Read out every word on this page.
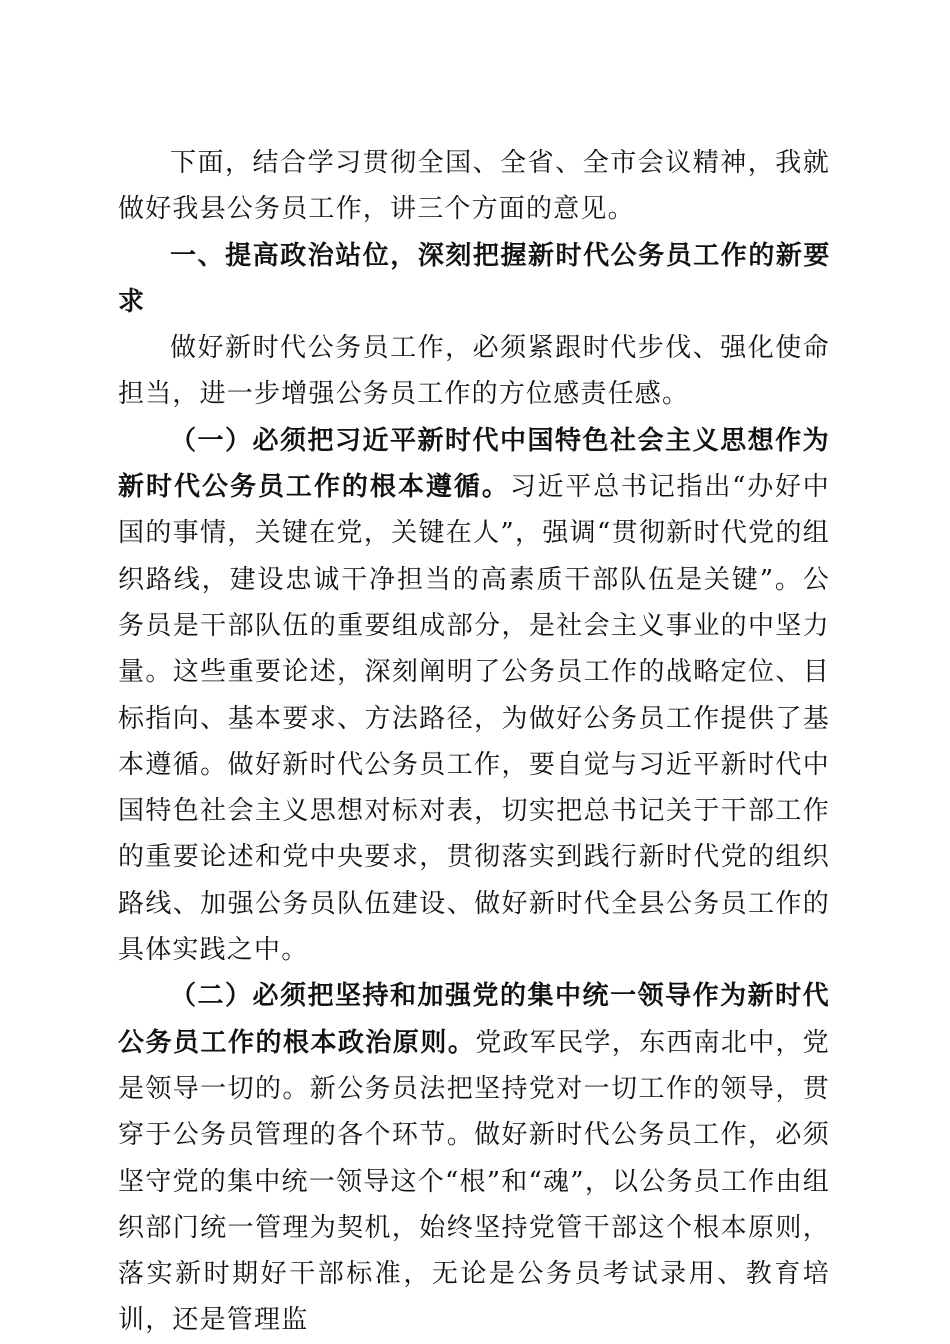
下面，结合学习贯彻全国、全省、全市会议精神，我就做好我县公务员工作，讲三个方面的意见。

一、提高政治站位，深刻把握新时代公务员工作的新要求

做好新时代公务员工作，必须紧跟时代步伐、强化使命担当，进一步增强公务员工作的方位感责任感。

（一）必须把习近平新时代中国特色社会主义思想作为新时代公务员工作的根本遵循。习近平总书记指出“办好中国的事情，关键在党，关键在人”，强调“贯彻新时代党的组织路线，建设忠诚干净担当的高素质干部队伍是关键”。公务员是干部队伍的重要组成部分，是社会主义事业的中坚力量。这些重要论述，深刻阐明了公务员工作的战略定位、目标指向、基本要求、方法路径，为做好公务员工作提供了基本遵循。做好新时代公务员工作，要自觉与习近平新时代中国特色社会主义思想对标对表，切实把总书记关于干部工作的重要论述和党中央要求，贯彻落实到践行新时代党的组织路线、加强公务员队伍建设、做好新时代全县公务员工作的具体实践之中。

（二）必须把坚持和加强党的集中统一领导作为新时代公务员工作的根本政治原则。党政军民学，东西南北中，党是领导一切的。新公务员法把坚持党对一切工作的领导，贯穿于公务员管理的各个环节。做好新时代公务员工作，必须坚守党的集中统一领导这个“根”和“魂”，以公务员工作由组织部门统一管理为契机，始终坚持党管干部这个根本原则，落实新时期好干部标准，无论是公务员考试录用、教育培训，还是管理监
